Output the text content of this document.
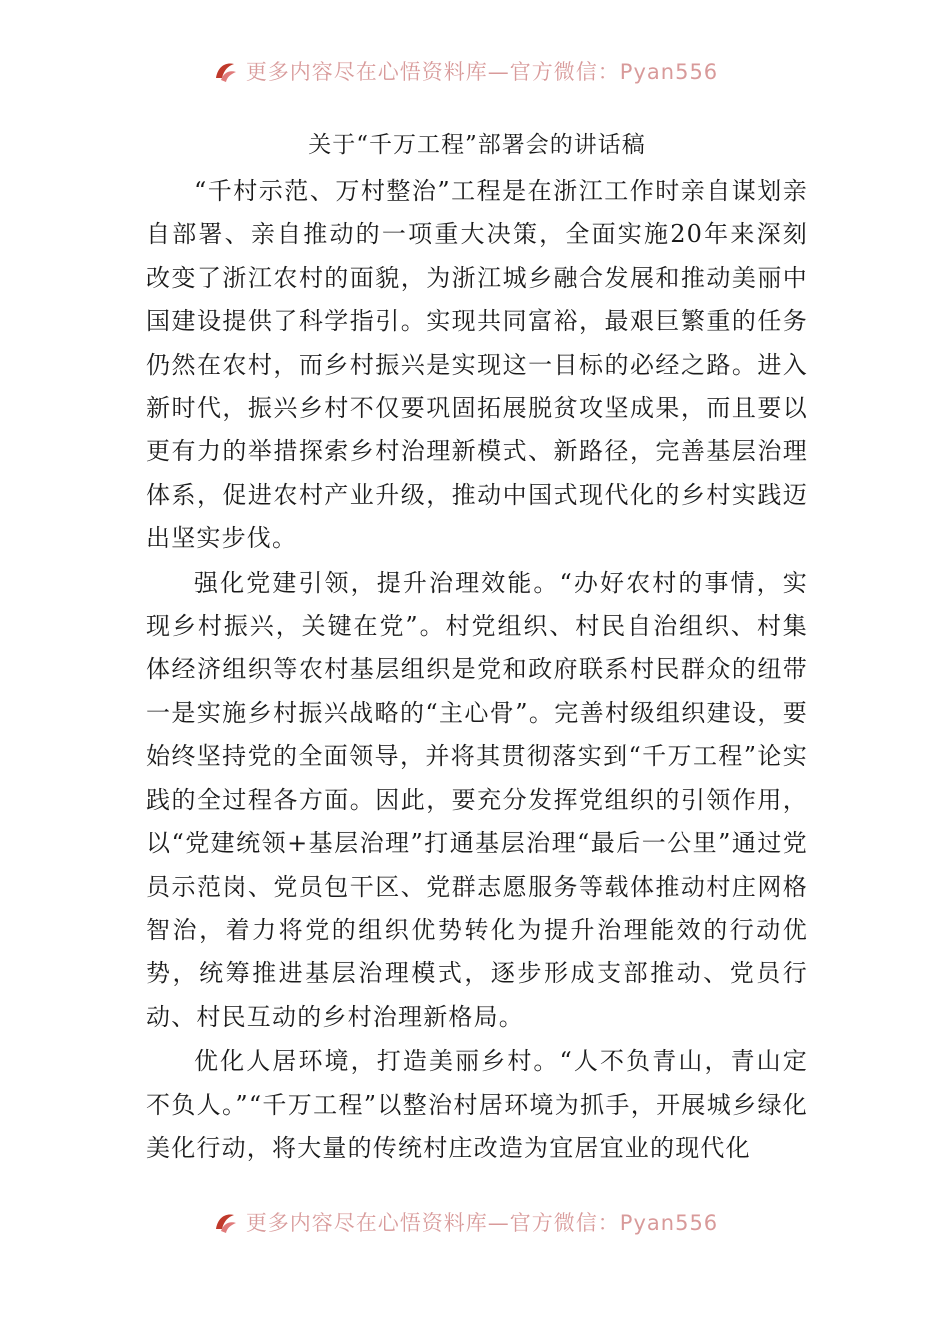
更多内容尽在心悟资料库—官方微信：Pyan556
关于“千万工程”部署会的讲话稿

“千村示范、万村整治”工程是在浙江工作时亲自谋划亲自部署、亲自推动的一项重大决策，全面实施20年来深刻改变了浙江农村的面貌，为浙江城乡融合发展和推动美丽中国建设提供了科学指引。实现共同富裕，最艰巨繁重的任务仍然在农村，而乡村振兴是实现这一目标的必经之路。进入新时代，振兴乡村不仅要巩固拓展脱贫攻坚成果，而且要以更有力的举措探索乡村治理新模式、新路径，完善基层治理体系，促进农村产业升级，推动中国式现代化的乡村实践迈出坚实步伐。

强化党建引领，提升治理效能。“办好农村的事情，实现乡村振兴，关键在党”。村党组织、村民自治组织、村集体经济组织等农村基层组织是党和政府联系村民群众的纽带一是实施乡村振兴战略的“主心骨”。完善村级组织建设，要始终坚持党的全面领导，并将其贯彻落实到“千万工程”论实践的全过程各方面。因此，要充分发挥党组织的引领作用，以“党建统领+基层治理”打通基层治理“最后一公里”通过党员示范岗、党员包干区、党群志愿服务等载体推动村庄网格智治，着力将党的组织优势转化为提升治理能效的行动优势，统筹推进基层治理模式，逐步形成支部推动、党员行动、村民互动的乡村治理新格局。

优化人居环境，打造美丽乡村。“人不负青山，青山定不负人。”“千万工程”以整治村居环境为抓手，开展城乡绿化美化行动，将大量的传统村庄改造为宜居宜业的现代化

更多内容尽在心悟资料库—官方微信：Pyan556
